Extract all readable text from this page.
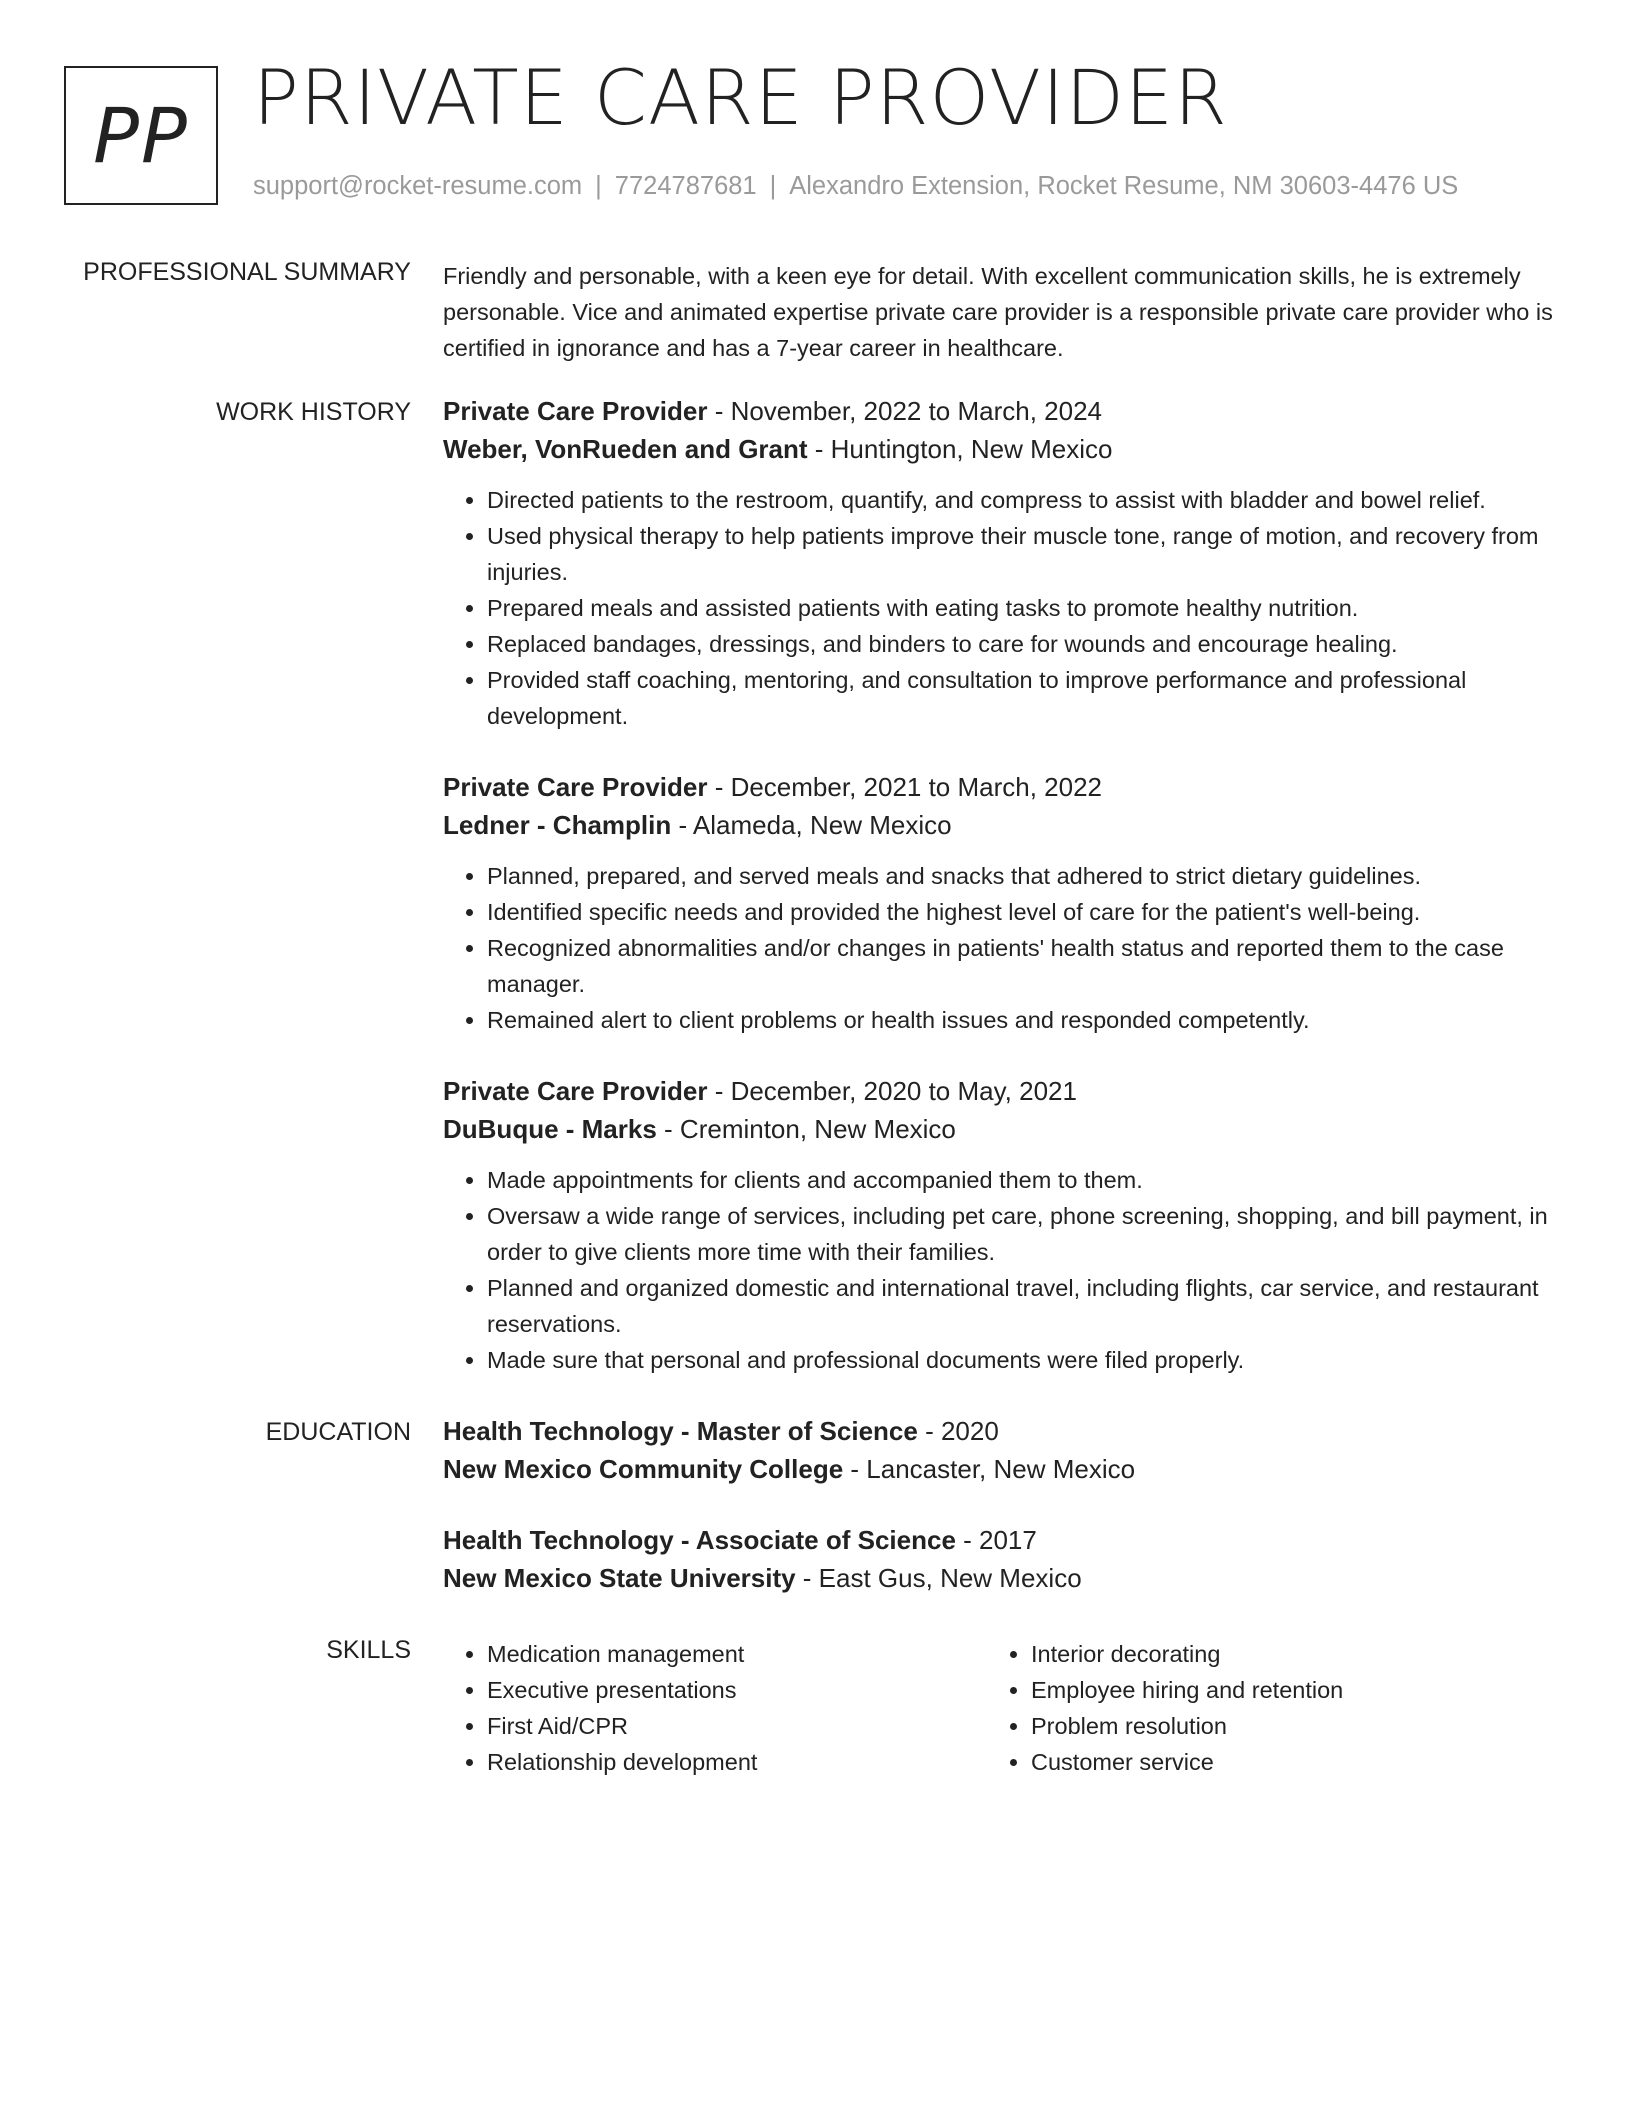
PP PRIVATE CARE PROVIDER
support@rocket-resume.com | 7724787681 | Alexandro Extension, Rocket Resume, NM 30603-4476 US
PROFESSIONAL SUMMARY Friendly and personable, with a keen eye for detail. With excellent communication skills, he is extremely personable. Vice and animated expertise private care provider is a responsible private care provider who is certified in ignorance and has a 7-year career in healthcare.

WORK HISTORY Private Care Provider - November, 2022 to March, 2024
Weber, VonRueden and Grant - Huntington, New Mexico
• Directed patients to the restroom, quantify, and compress to assist with bladder and bowel relief.
• Used physical therapy to help patients improve their muscle tone, range of motion, and recovery from injuries.
• Prepared meals and assisted patients with eating tasks to promote healthy nutrition.
• Replaced bandages, dressings, and binders to care for wounds and encourage healing.
• Provided staff coaching, mentoring, and consultation to improve performance and professional development.
Private Care Provider - December, 2021 to March, 2022
Ledner - Champlin - Alameda, New Mexico
• Planned, prepared, and served meals and snacks that adhered to strict dietary guidelines.
• Identified specific needs and provided the highest level of care for the patient's well-being.
• Recognized abnormalities and/or changes in patients' health status and reported them to the case manager.
• Remained alert to client problems or health issues and responded competently.
Private Care Provider - December, 2020 to May, 2021
DuBuque - Marks - Creminton, New Mexico
• Made appointments for clients and accompanied them to them.
• Oversaw a wide range of services, including pet care, phone screening, shopping, and bill payment, in order to give clients more time with their families.
• Planned and organized domestic and international travel, including flights, car service, and restaurant reservations.
• Made sure that personal and professional documents were filed properly.
EDUCATION Health Technology - Master of Science - 2020
New Mexico Community College - Lancaster, New Mexico
Health Technology - Associate of Science - 2017
New Mexico State University - East Gus, New Mexico
SKILLS
•	Medication management
• Executive presentations
• First Aid/CPR
• Relationship development
• Interior decorating
• Employee hiring and retention
• Problem resolution
• Customer service
